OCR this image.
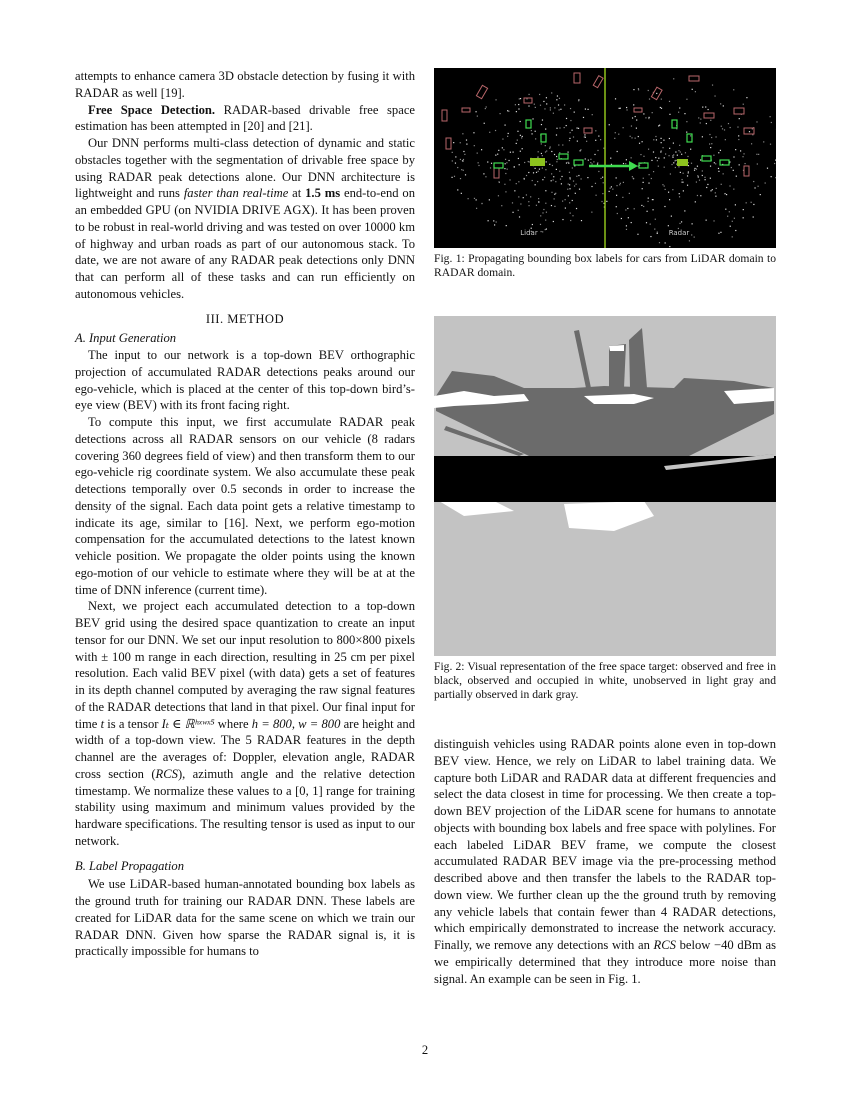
attempts to enhance camera 3D obstacle detection by fusing it with RADAR as well [19].

Free Space Detection. RADAR-based drivable free space estimation has been attempted in [20] and [21].

Our DNN performs multi-class detection of dynamic and static obstacles together with the segmentation of drivable free space by using RADAR peak detections alone. Our DNN architecture is lightweight and runs faster than real-time at 1.5 ms end-to-end on an embedded GPU (on NVIDIA DRIVE AGX). It has been proven to be robust in real-world driving and was tested on over 10000 km of highway and urban roads as part of our autonomous stack. To date, we are not aware of any RADAR peak detections only DNN that can perform all of these tasks and can run efficiently on autonomous vehicles.

III. METHOD

A. Input Generation

The input to our network is a top-down BEV orthographic projection of accumulated RADAR detections peaks around our ego-vehicle, which is placed at the center of this top-down bird’s-eye view (BEV) with its front facing right.

To compute this input, we first accumulate RADAR peak detections across all RADAR sensors on our vehicle (8 radars covering 360 degrees field of view) and then transform them to our ego-vehicle rig coordinate system. We also accumulate these peak detections temporally over 0.5 seconds in order to increase the density of the signal. Each data point gets a relative timestamp to indicate its age, similar to [16]. Next, we perform ego-motion compensation for the accumulated detections to the latest known vehicle position. We propagate the older points using the known ego-motion of our vehicle to estimate where they will be at at the time of DNN inference (current time).

Next, we project each accumulated detection to a top-down BEV grid using the desired space quantization to create an input tensor for our DNN. We set our input resolution to 800×800 pixels with ± 100 m range in each direction, resulting in 25 cm per pixel resolution. Each valid BEV pixel (with data) gets a set of features in its depth channel computed by averaging the raw signal features of the RADAR detections that land in that pixel. Our final input for time t is a tensor Iₜ ∈ ℝʰˣʷˣ⁵ where h = 800, w = 800 are height and width of a top-down view. The 5 RADAR features in the depth channel are the averages of: Doppler, elevation angle, RADAR cross section (RCS), azimuth angle and the relative detection timestamp. We normalize these values to a [0, 1] range for training stability using maximum and minimum values provided by the hardware specifications. The resulting tensor is used as input to our network.

B. Label Propagation

We use LiDAR-based human-annotated bounding box labels as the ground truth for training our RADAR DNN. These labels are created for LiDAR data for the same scene on which we train our RADAR DNN. Given how sparse the RADAR signal is, it is practically impossible for humans to

Lidar	Radar
Fig. 1: Propagating bounding box labels for cars from LiDAR domain to RADAR domain.
Fig. 2: Visual representation of the free space target: observed and free in black, observed and occupied in white, unobserved in light gray and partially observed in dark gray.

distinguish vehicles using RADAR points alone even in top-down BEV view. Hence, we rely on LiDAR to label training data. We capture both LiDAR and RADAR data at different frequencies and select the data closest in time for processing. We then create a top-down BEV projection of the LiDAR scene for humans to annotate objects with bounding box labels and free space with polylines. For each labeled LiDAR BEV frame, we compute the closest accumulated RADAR BEV image via the pre-processing method described above and then transfer the labels to the RADAR top-down view. We further clean up the the ground truth by removing any vehicle labels that contain fewer than 4 RADAR detections, which empirically demonstrated to increase the network accuracy. Finally, we remove any detections with an RCS below −40 dBm as we empirically determined that they introduce more noise than signal. An example can be seen in Fig. 1.

2
